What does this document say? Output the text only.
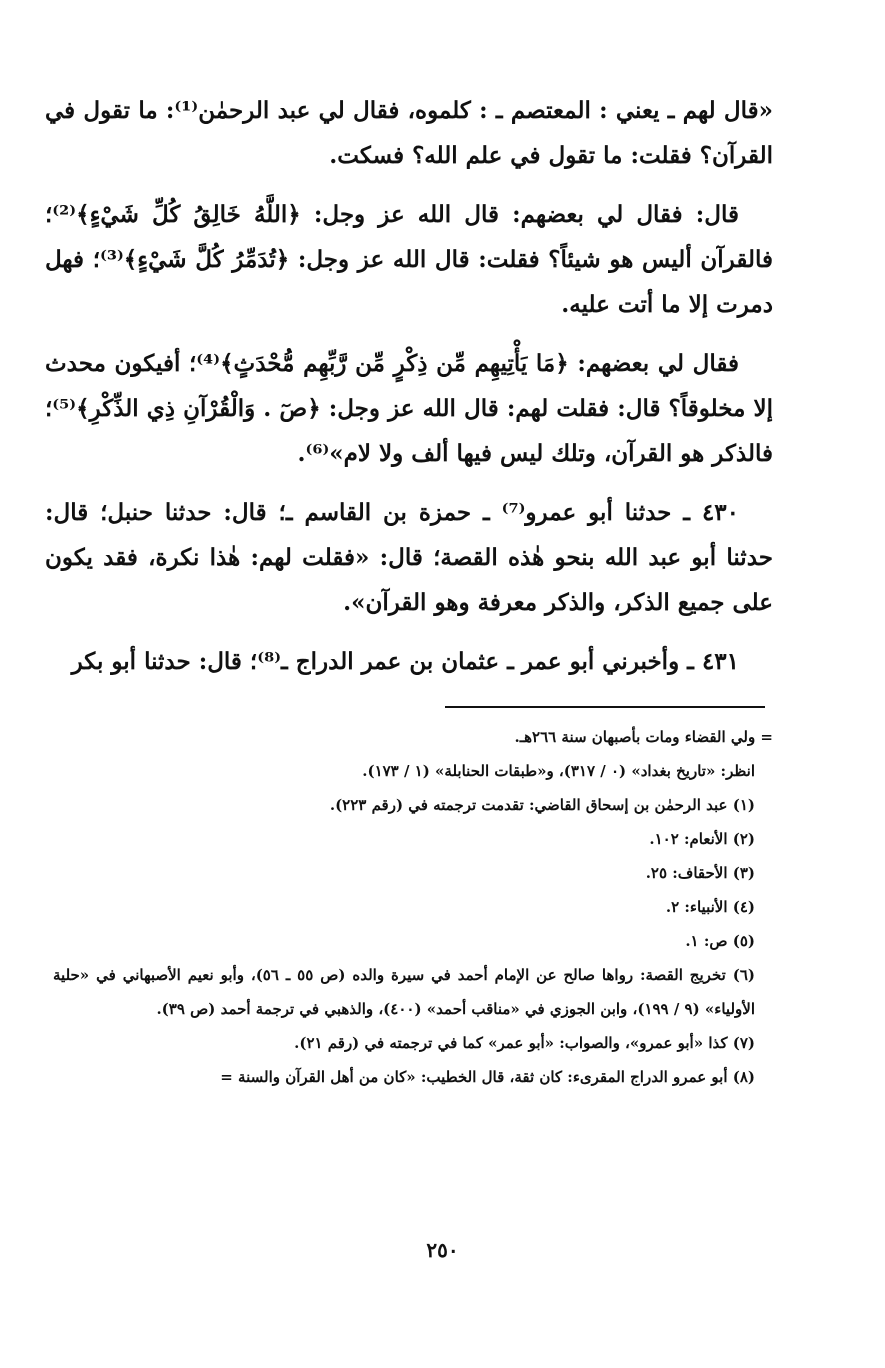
«قال لهم ـ يعني : المعتصم ـ : كلموه، فقال لي عبد الرحمٰن⁽¹⁾: ما تقول في القرآن؟ فقلت: ما تقول في علم الله؟ فسكت.

قال: فقال لي بعضهم: قال الله عز وجل: ﴿اللَّهُ خَالِقُ كُلِّ شَيْءٍ﴾⁽²⁾؛ فالقرآن أليس هو شيئاً؟ فقلت: قال الله عز وجل: ﴿تُدَمِّرُ كُلَّ شَيْءٍ﴾⁽³⁾؛ فهل دمرت إلا ما أتت عليه.

فقال لي بعضهم: ﴿مَا يَأْتِيهِم مِّن ذِكْرٍ مِّن رَّبِّهِم مُّحْدَثٍ﴾⁽⁴⁾؛ أفيكون محدث إلا مخلوقاً؟ قال: فقلت لهم: قال الله عز وجل: ﴿صٓ . وَالْقُرْآنِ ذِي الذِّكْرِ﴾⁽⁵⁾؛ فالذكر هو القرآن، وتلك ليس فيها ألف ولا لام»⁽⁶⁾.

٤٣٠ ـ حدثنا أبو عمرو⁽⁷⁾ ـ حمزة بن القاسم ـ؛ قال: حدثنا حنبل؛ قال: حدثنا أبو عبد الله بنحو هٰذه القصة؛ قال: «فقلت لهم: هٰذا نكرة، فقد يكون على جميع الذكر، والذكر معرفة وهو القرآن».

٤٣١ ـ وأخبرني أبو عمر ـ عثمان بن عمر الدراج ـ⁽⁸⁾؛ قال: حدثنا أبو بكر

= ولي القضاء ومات بأصبهان سنة ٢٦٦هـ.

انظر: «تاريخ بغداد» (٠ / ٣١٧)، و«طبقات الحنابلة» (١ / ١٧٣).

(١) عبد الرحمٰن بن إسحاق القاضي: تقدمت ترجمته في (رقم ٢٢٣).

(٢) الأنعام: ١٠٢.

(٣) الأحقاف: ٢٥.

(٤) الأنبياء: ٢.

(٥) ص: ١.

(٦) تخريج القصة: رواها صالح عن الإمام أحمد في سيرة والده (ص ٥٥ ـ ٥٦)، وأبو نعيم الأصبهاني في «حلية الأولياء» (٩ / ١٩٩)، وابن الجوزي في «مناقب أحمد» (٤٠٠)، والذهبي في ترجمة أحمد (ص ٣٩).

(٧) كذا «أبو عمرو»، والصواب: «أبو عمر» كما في ترجمته في (رقم ٢١).

(٨) أبو عمرو الدراج المقرىء: كان ثقة، قال الخطيب: «كان من أهل القرآن والسنة =

٢٥٠
